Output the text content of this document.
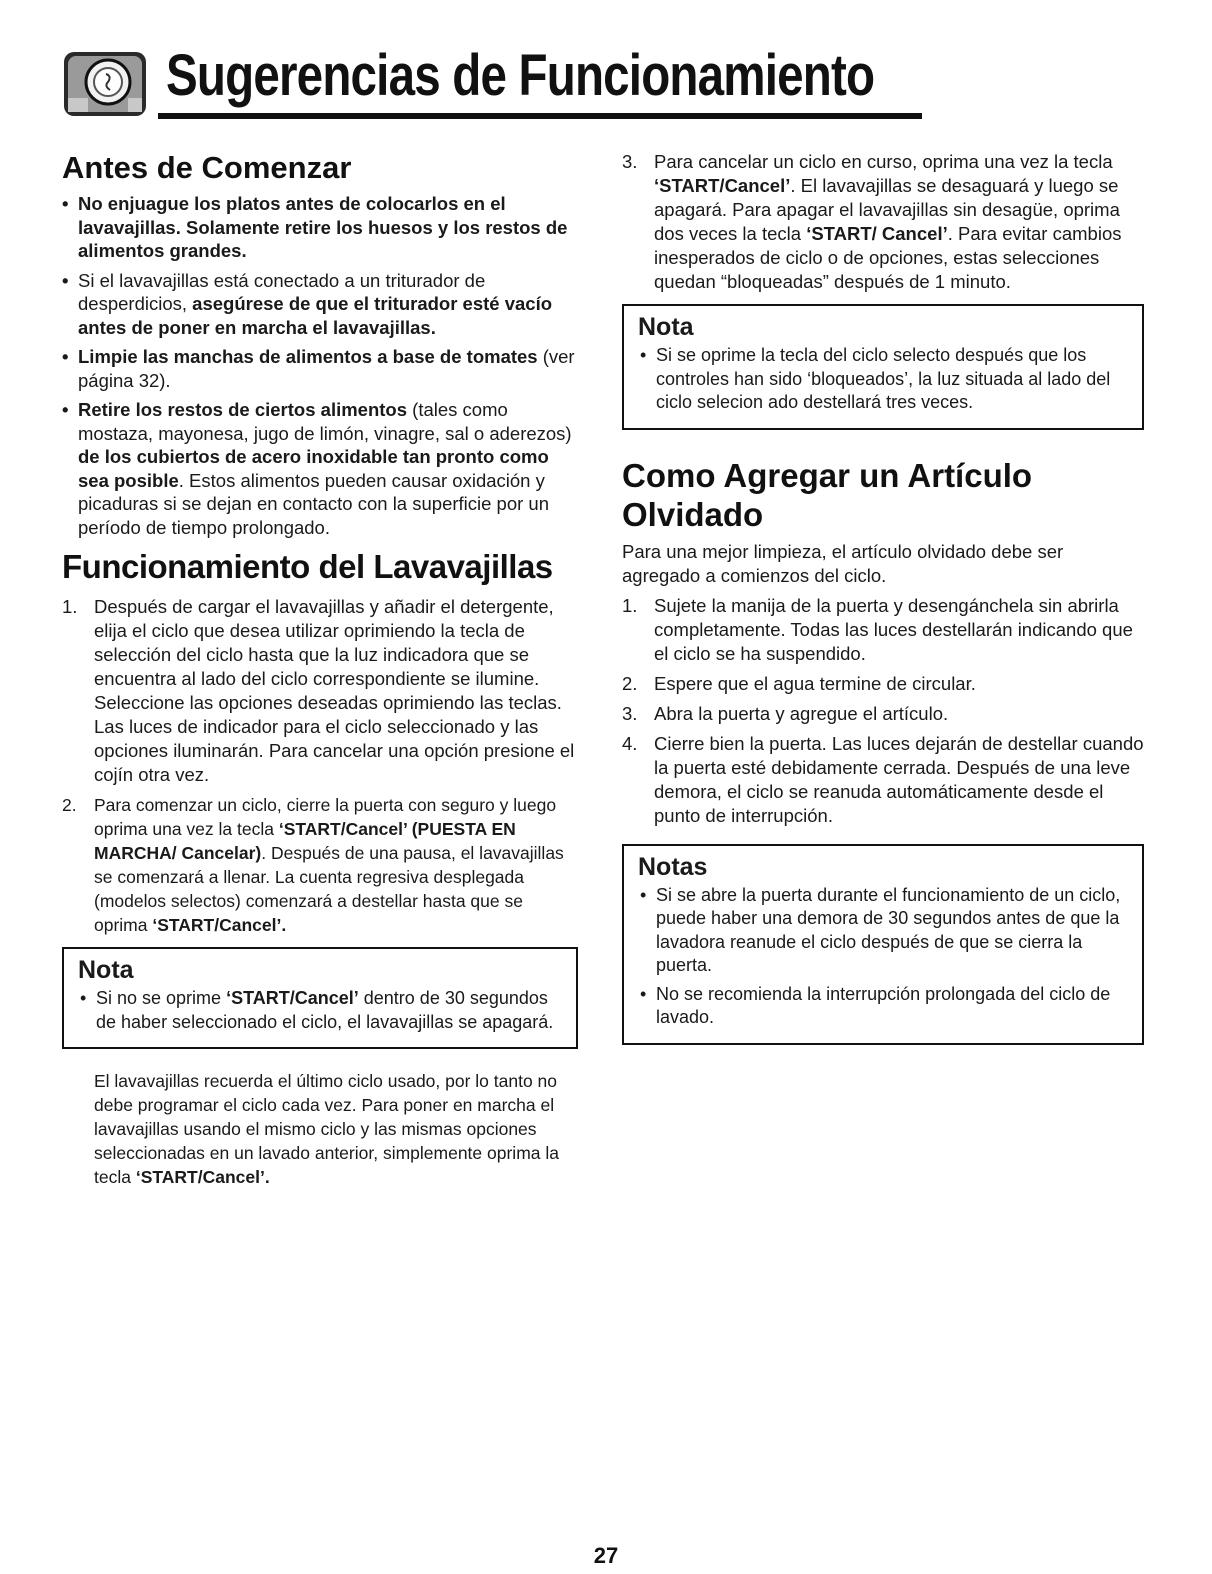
Sugerencias de Funcionamiento
Antes de Comenzar
• No enjuague los platos antes de colocarlos en el lavavajillas. Solamente retire los huesos y los restos de alimentos grandes.
• Si el lavavajillas está conectado a un triturador de desperdicios, asegúrese de que el triturador esté vacío antes de poner en marcha el lavavajillas.
• Limpie las manchas de alimentos a base de tomates (ver página 32).
• Retire los restos de ciertos alimentos (tales como mostaza, mayonesa, jugo de limón, vinagre, sal o aderezos) de los cubiertos de acero inoxidable tan pronto como sea posible. Estos alimentos pueden causar oxidación y picaduras si se dejan en contacto con la superficie por un período de tiempo prolongado.
Funcionamiento del Lavavajillas
1. Después de cargar el lavavajillas y añadir el detergente, elija el ciclo que desea utilizar oprimiendo la tecla de selección del ciclo hasta que la luz indicadora que se encuentra al lado del ciclo correspondiente se ilumine. Seleccione las opciones deseadas oprimiendo las teclas. Las luces de indicador para el ciclo seleccionado y las opciones iluminarán. Para cancelar una opción presione el cojín otra vez.
2. Para comenzar un ciclo, cierre la puerta con seguro y luego oprima una vez la tecla ‘START/Cancel’ (PUESTA EN MARCHA/ Cancelar). Después de una pausa, el lavavajillas se comenzará a llenar. La cuenta regresiva desplegada (modelos selectos) comenzará a destellar hasta que se oprima ‘START/Cancel’.
Nota
• Si no se oprime ‘START/Cancel’ dentro de 30 segundos de haber seleccionado el ciclo, el lavavajillas se apagará.
El lavavajillas recuerda el último ciclo usado, por lo tanto no debe programar el ciclo cada vez. Para poner en marcha el lavavajillas usando el mismo ciclo y las mismas opciones seleccionadas en un lavado anterior, simplemente oprima la tecla ‘START/Cancel’.
3. Para cancelar un ciclo en curso, oprima una vez la tecla ‘START/Cancel’. El lavavajillas se desaguará y luego se apagará. Para apagar el lavavajillas sin desagüe, oprima dos veces la tecla ‘START/ Cancel’. Para evitar cambios inesperados de ciclo o de opciones, estas selecciones quedan “bloqueadas” después de 1 minuto.
Nota
• Si se oprime la tecla del ciclo selecto después que los controles han sido ‘bloqueados’, la luz situada al lado del ciclo selecion ado destellará tres veces.
Como Agregar un Artículo Olvidado

Para una mejor limpieza, el artículo olvidado debe ser agregado a comienzos del ciclo.

1. Sujete la manija de la puerta y desengánchela sin abrirla completamente. Todas las luces destellarán indicando que el ciclo se ha suspendido.
2. Espere que el agua termine de circular.
3. Abra la puerta y agregue el artículo.
4. Cierre bien la puerta. Las luces dejarán de destellar cuando la puerta esté debidamente cerrada. Después de una leve demora, el ciclo se reanuda automáticamente desde el punto de interrupción.
Notas
• Si se abre la puerta durante el funcionamiento de un ciclo, puede haber una demora de 30 segundos antes de que la lavadora reanude el ciclo después de que se cierra la puerta.
• No se recomienda la interrupción prolongada del ciclo de lavado.
27
